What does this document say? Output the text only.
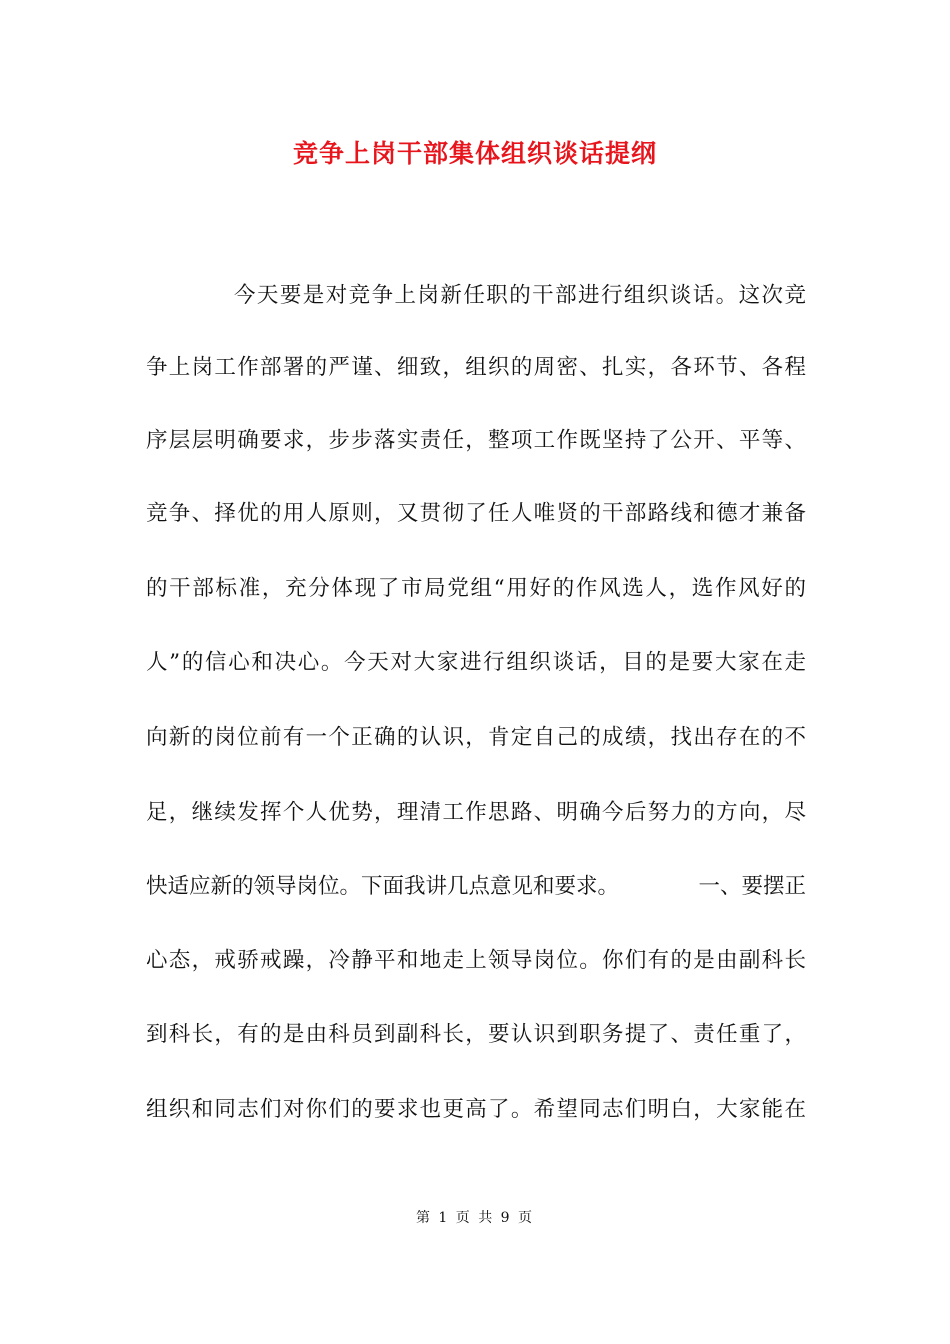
竞争上岗干部集体组织谈话提纲
今天要是对竞争上岗新任职的干部进行组织谈话。这次竞
争上岗工作部署的严谨、细致，组织的周密、扎实，各环节、各程
序层层明确要求，步步落实责任，整项工作既坚持了公开、平等、
竞争、择优的用人原则，又贯彻了任人唯贤的干部路线和德才兼备
的干部标准，充分体现了市局党组“用好的作风选人，选作风好的
人”的信心和决心。今天对大家进行组织谈话，目的是要大家在走
向新的岗位前有一个正确的认识，肯定自己的成绩，找出存在的不
足，继续发挥个人优势，理清工作思路、明确今后努力的方向，尽
快适应新的领导岗位。下面我讲几点意见和要求。	一、要摆正
心态，戒骄戒躁，冷静平和地走上领导岗位。你们有的是由副科长
到科长，有的是由科员到副科长，要认识到职务提了、责任重了，
组织和同志们对你们的要求也更高了。希望同志们明白，大家能在
第 1 页 共 9 页
